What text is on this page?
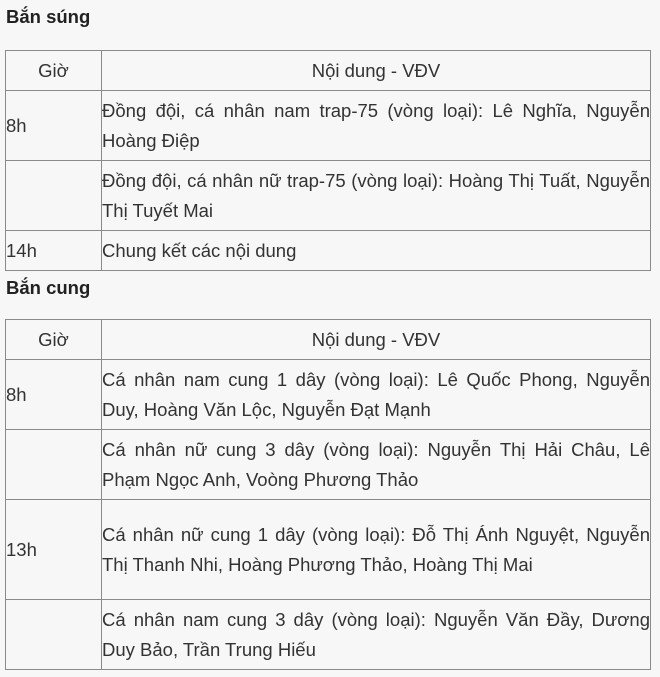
Bắn súng
Giờ	Nội dung - VĐV
8h	Đồng đội, cá nhân nam trap-75 (vòng loại): Lê Nghĩa, Nguyễn Hoàng Điệp
	Đồng đội, cá nhân nữ trap-75 (vòng loại): Hoàng Thị Tuất, Nguyễn Thị Tuyết Mai
14h	Chung kết các nội dung
Bắn cung
Giờ	Nội dung - VĐV
8h	Cá nhân nam cung 1 dây (vòng loại): Lê Quốc Phong, Nguyễn Duy, Hoàng Văn Lộc, Nguyễn Đạt Mạnh
	Cá nhân nữ cung 3 dây (vòng loại): Nguyễn Thị Hải Châu, Lê Phạm Ngọc Anh, Voòng Phương Thảo
13h	Cá nhân nữ cung 1 dây (vòng loại): Đỗ Thị Ánh Nguyệt, Nguyễn Thị Thanh Nhi, Hoàng Phương Thảo, Hoàng Thị Mai
	Cá nhân nam cung 3 dây (vòng loại): Nguyễn Văn Đầy, Dương Duy Bảo, Trần Trung Hiếu
